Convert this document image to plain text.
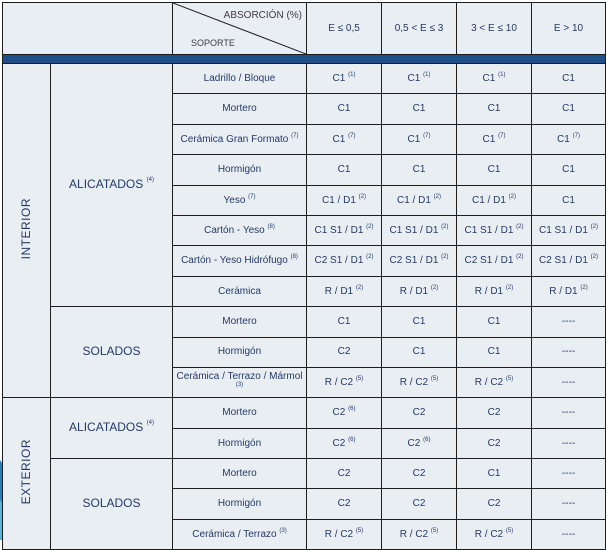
		ABSORCIÓN (%)
SOPORTE	E ≤ 0,5	0,5 < E ≤ 3	3 < E ≤ 10	E > 10

INTERIOR	ALICATADOS $^{(4)}$	Ladrillo / Bloque	C1 $^{(1)}$	C1 $^{(1)}$	C1 $^{(1)}$	C1
		Mortero	C1	C1	C1	C1
		Cerámica Gran Formato $^{(7)}$	C1 $^{(7)}$	C1 $^{(7)}$	C1 $^{(7)}$	C1 $^{(7)}$
		Hormigón	C1	C1	C1	C1
		Yeso $^{(7)}$	C1 / D1 $^{(2)}$	C1 / D1 $^{(2)}$	C1 / D1 $^{(2)}$	C1
		Cartón - Yeso $^{(8)}$	C1 S1 / D1 $^{(2)}$	C1 S1 / D1 $^{(2)}$	C1 S1 / D1 $^{(2)}$	C1 S1 / D1 $^{(2)}$
		Cartón - Yeso Hidrófugo $^{(8)}$	C2 S1 / D1 $^{(2)}$	C2 S1 / D1 $^{(2)}$	C2 S1 / D1 $^{(2)}$	C2 S1 / D1 $^{(2)}$
		Cerámica	R / D1 $^{(2)}$	R / D1 $^{(2)}$	R / D1 $^{(2)}$	R / D1 $^{(2)}$
	SOLADOS	Mortero	C1	C1	C1	----
		Hormigón	C2	C1	C1	----
		Cerámica / Terrazo / Mármol $^{(3)}$	R / C2 $^{(5)}$	R / C2 $^{(5)}$	R / C2 $^{(5)}$	----
EXTERIOR	ALICATADOS $^{(4)}$	Mortero	C2 $^{(6)}$	C2	C2	----
		Hormigón	C2 $^{(6)}$	C2 $^{(6)}$	C2	----
	SOLADOS	Mortero	C2	C2	C1	----
		Hormigón	C2	C2	C2	----
		Cerámica / Terrazo $^{(3)}$	R / C2 $^{(5)}$	R / C2 $^{(5)}$	R / C2 $^{(5)}$	----
